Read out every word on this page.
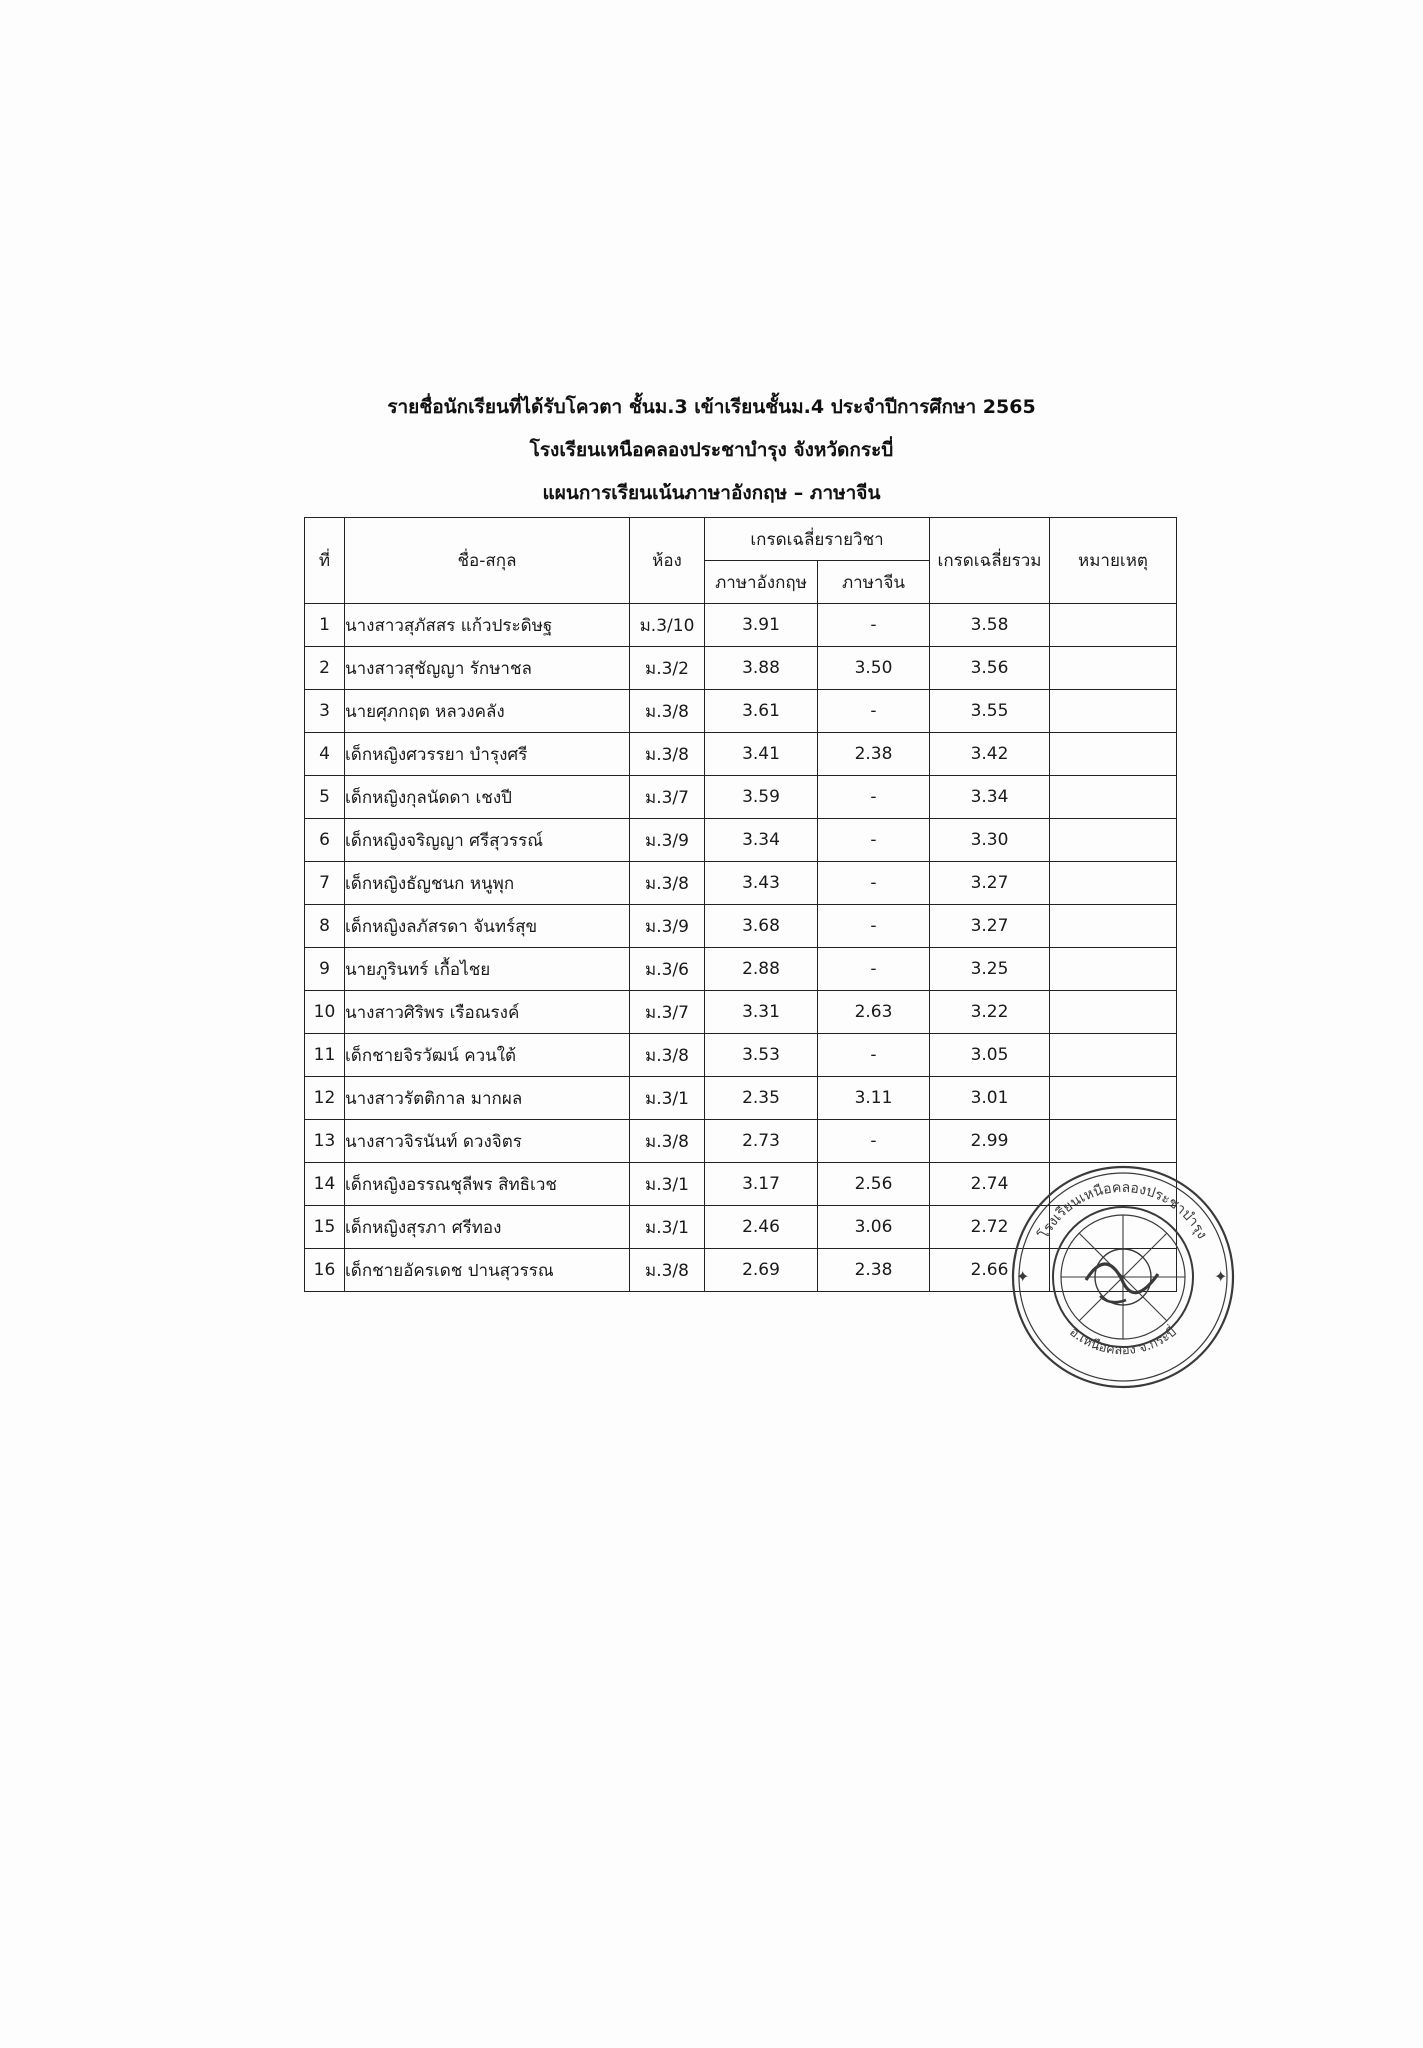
รายชื่อนักเรียนที่ได้รับโควตา ชั้นม.3 เข้าเรียนชั้นม.4 ประจำปีการศึกษา 2565
โรงเรียนเหนือคลองประชาบำรุง จังหวัดกระบี่
แผนการเรียนเน้นภาษาอังกฤษ – ภาษาจีน
ที่	ชื่อ-สกุล	ห้อง	เกรดเฉลี่ยรายวิชา		เกรดเฉลี่ยรวม	หมายเหตุ
			ภาษาอังกฤษ	ภาษาจีน		
1	นางสาวสุภัสสร แก้วประดิษฐ	ม.3/10	3.91	-	3.58	
2	นางสาวสุชัญญา รักษาชล	ม.3/2	3.88	3.50	3.56	
3	นายศุภกฤต หลวงคลัง	ม.3/8	3.61	-	3.55	
4	เด็กหญิงศวรรยา บำรุงศรี	ม.3/8	3.41	2.38	3.42	
5	เด็กหญิงกุลนัดดา เชงปี	ม.3/7	3.59	-	3.34	
6	เด็กหญิงจริญญา ศรีสุวรรณ์	ม.3/9	3.34	-	3.30	
7	เด็กหญิงธัญชนก หนูพุก	ม.3/8	3.43	-	3.27	
8	เด็กหญิงลภัสรดา จันทร์สุข	ม.3/9	3.68	-	3.27	
9	นายภูรินทร์ เกื้อไชย	ม.3/6	2.88	-	3.25	
10	นางสาวศิริพร เรือณรงค์	ม.3/7	3.31	2.63	3.22	
11	เด็กชายจิรวัฒน์ ควนใต้	ม.3/8	3.53	-	3.05	
12	นางสาวรัตติกาล มากผล	ม.3/1	2.35	3.11	3.01	
13	นางสาวจิรนันท์ ดวงจิตร	ม.3/8	2.73	-	2.99	
14	เด็กหญิงอรรณชุลีพร สิทธิเวช	ม.3/1	3.17	2.56	2.74	
15	เด็กหญิงสุรภา ศรีทอง	ม.3/1	2.46	3.06	2.72	
16	เด็กชายอัครเดช ปานสุวรรณ	ม.3/8	2.69	2.38	2.66	✦	✦
โรงเรียนเหนือคลองประชาบำรุง
อ.เหนือคลอง จ.กระบี่
